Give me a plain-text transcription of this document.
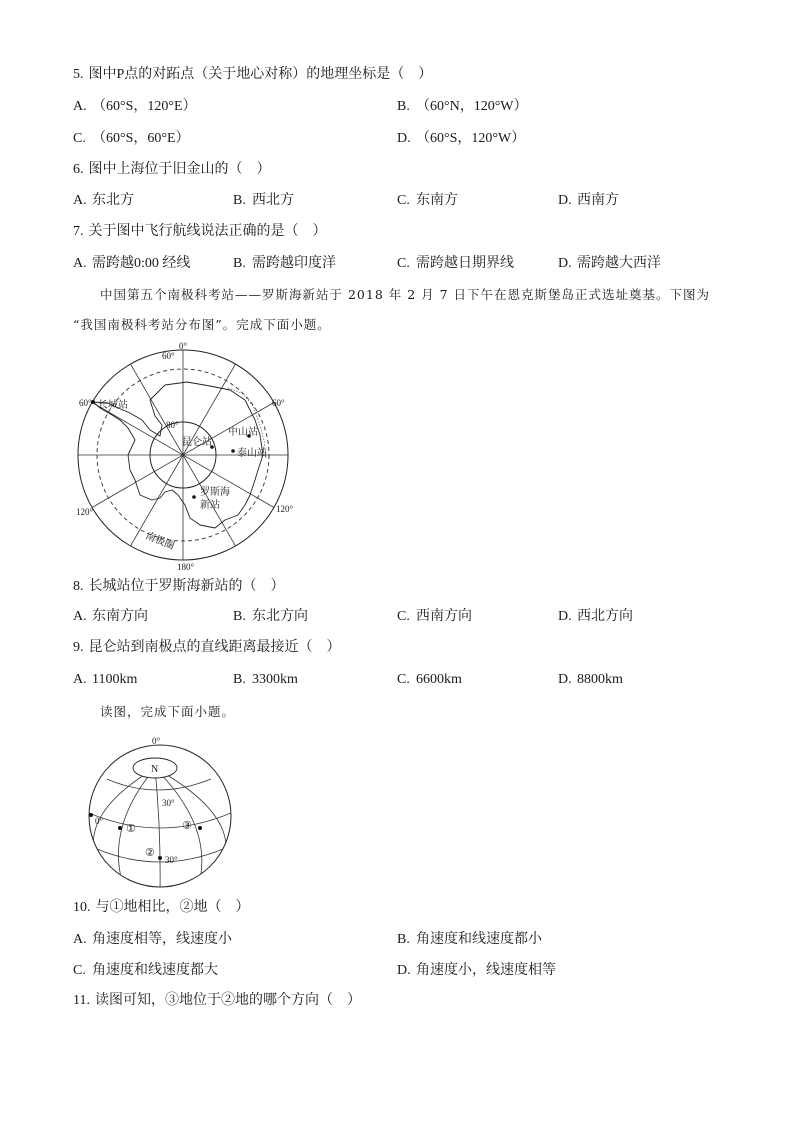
5. 图中P点的对跖点（关于地心对称）的地理坐标是（　）
A. （60°S，120°E）	B. （60°N，120°W）
C. （60°S，60°E）	D. （60°S，120°W）
6. 图中上海位于旧金山的（　）
A. 东北方	B. 西北方	C. 东南方	D. 西南方
7. 关于图中飞行航线说法正确的是（　）
A. 需跨越0:00 经线	B. 需跨越印度洋	C. 需跨越日期界线	D. 需跨越大西洋
中国第五个南极科考站——罗斯海新站于 2018 年 2 月 7 日下午在恩克斯堡岛正式选址奠基。下图为
“我国南极科考站分布图”。完成下面小题。
0°
60°
60°	60°
长城站
80°
中山站
昆仑站
泰山站
罗斯海
新站
120°	120°
南极圈
180°
8. 长城站位于罗斯海新站的（　）
A. 东南方向	B. 东北方向	C. 西南方向	D. 西北方向
9. 昆仑站到南极点的直线距离最接近（　）
A. 1100km	B. 3300km	C. 6600km	D. 8800km
读图，完成下面小题。
N
0°
30°
0°
①	③
②
30°
10. 与①地相比，②地（　）
A. 角速度相等，线速度小	B. 角速度和线速度都小
C. 角速度和线速度都大	D. 角速度小，线速度相等
11. 读图可知，③地位于②地的哪个方向（　）
